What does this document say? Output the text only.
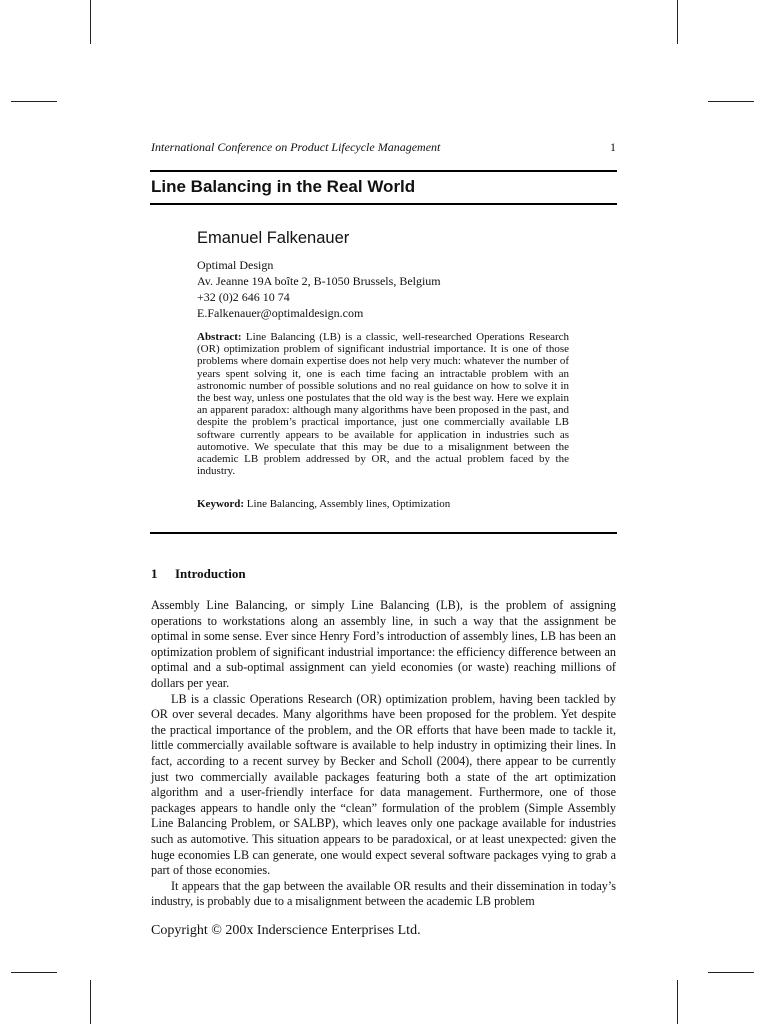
International Conference on Product Lifecycle Management	1
Line Balancing in the Real World
Emanuel Falkenauer
Optimal Design
Av. Jeanne 19A boîte 2, B-1050 Brussels, Belgium
+32 (0)2 646 10 74
E.Falkenauer@optimaldesign.com
Abstract: Line Balancing (LB) is a classic, well-researched Operations Research (OR) optimization problem of significant industrial importance. It is one of those problems where domain expertise does not help very much: whatever the number of years spent solving it, one is each time facing an intractable problem with an astronomic number of possible solutions and no real guidance on how to solve it in the best way, unless one postulates that the old way is the best way. Here we explain an apparent paradox: although many algorithms have been proposed in the past, and despite the problem’s practical importance, just one commercially available LB software currently appears to be available for application in industries such as automotive. We speculate that this may be due to a misalignment between the academic LB problem addressed by OR, and the actual problem faced by the industry.
Keyword: Line Balancing, Assembly lines, Optimization
1 Introduction

Assembly Line Balancing, or simply Line Balancing (LB), is the problem of assigning operations to workstations along an assembly line, in such a way that the assignment be optimal in some sense. Ever since Henry Ford’s introduction of assembly lines, LB has been an optimization problem of significant industrial importance: the efficiency difference between an optimal and a sub-optimal assignment can yield economies (or waste) reaching millions of dollars per year.

LB is a classic Operations Research (OR) optimization problem, having been tackled by OR over several decades. Many algorithms have been proposed for the problem. Yet despite the practical importance of the problem, and the OR efforts that have been made to tackle it, little commercially available software is available to help industry in optimizing their lines. In fact, according to a recent survey by Becker and Scholl (2004), there appear to be currently just two commercially available packages featuring both a state of the art optimization algorithm and a user-friendly interface for data management. Furthermore, one of those packages appears to handle only the “clean” formulation of the problem (Simple Assembly Line Balancing Problem, or SALBP), which leaves only one package available for industries such as automotive. This situation appears to be paradoxical, or at least unexpected: given the huge economies LB can generate, one would expect several software packages vying to grab a part of those economies.

It appears that the gap between the available OR results and their dissemination in today’s industry, is probably due to a misalignment between the academic LB problem

Copyright © 200x Inderscience Enterprises Ltd.
